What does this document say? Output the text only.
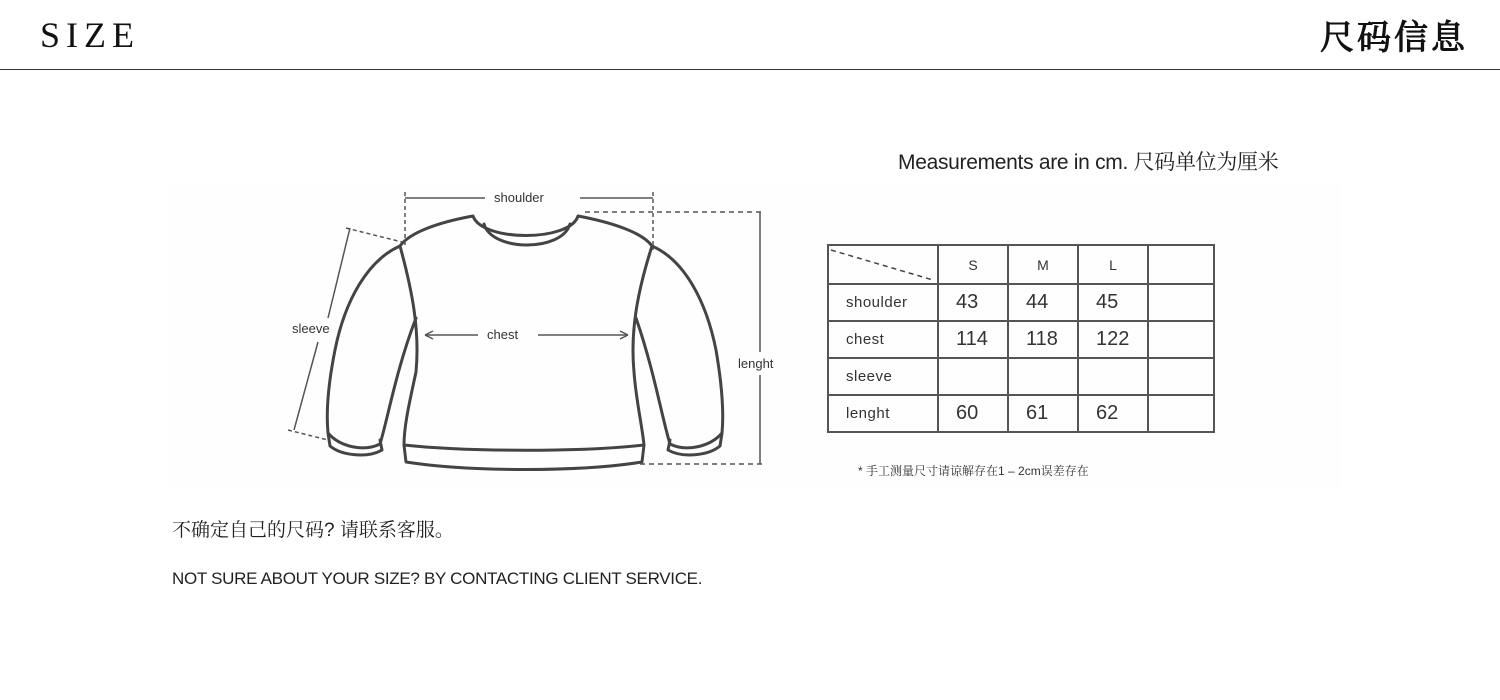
SIZE	尺码信息
Measurements are in cm. 尺码单位为厘米
shoulder
sleeve	chest
lenght
	S	M	L	
shoulder	43	44	45	
chest	114	118	122	
sleeve				
lenght	60	61	62	
* 手工测量尺寸请谅解存在1 – 2cm误差存在
不确定自己的尺码? 请联系客服。
NOT SURE ABOUT YOUR SIZE? BY CONTACTING CLIENT SERVICE.
